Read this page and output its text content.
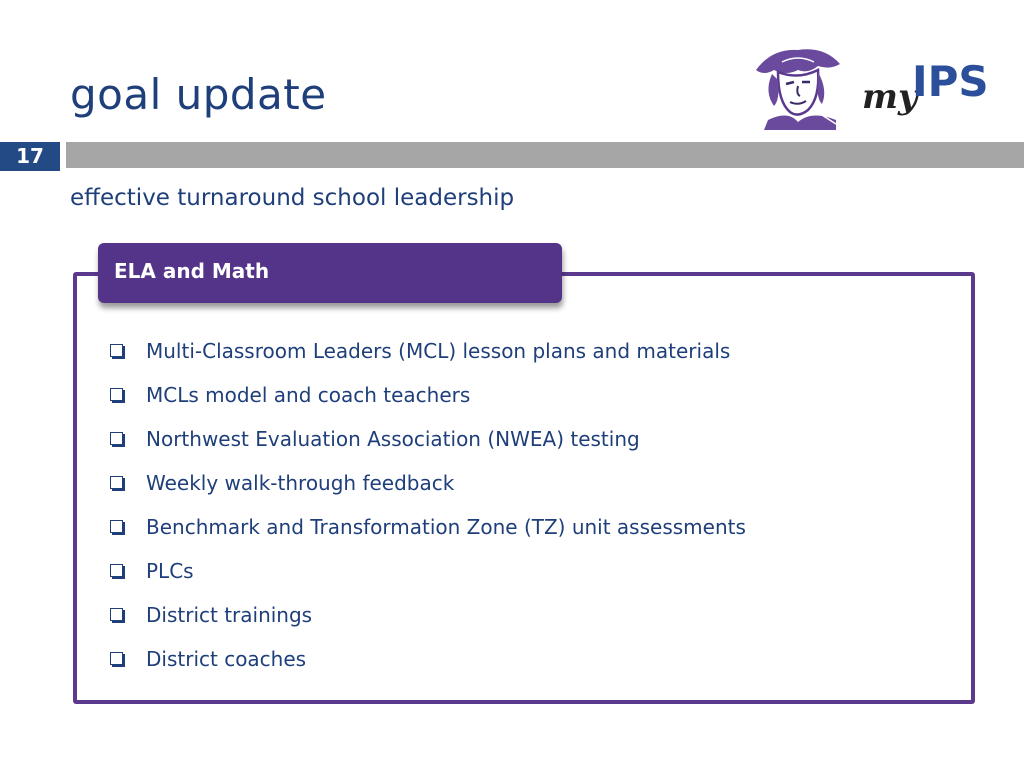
goal update	my
IPS
17
effective turnaround school leadership
ELA and Math
Multi-Classroom Leaders (MCL) lesson plans and materials
MCLs model and coach teachers
Northwest Evaluation Association (NWEA) testing
Weekly walk-through feedback
Benchmark and Transformation Zone (TZ) unit assessments
PLCs
District trainings
District coaches
